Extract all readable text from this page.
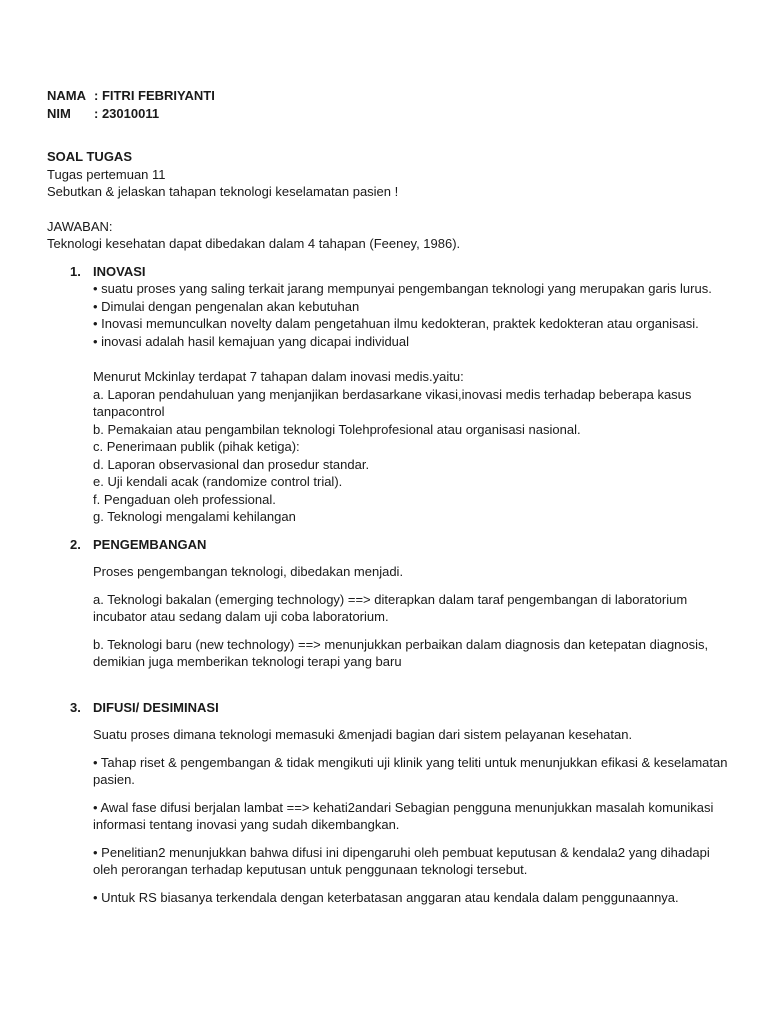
NAMA : FITRI FEBRIYANTI
NIM	: 23010011

SOAL TUGAS

Tugas pertemuan 11

Sebutkan & jelaskan tahapan teknologi keselamatan pasien !

JAWABAN:

Teknologi kesehatan dapat dibedakan dalam 4 tahapan (Feeney, 1986).

1. INOVASI

• suatu proses yang saling terkait jarang mempunyai pengembangan teknologi yang merupakan garis lurus.

• Dimulai dengan pengenalan akan kebutuhan

• Inovasi memunculkan novelty dalam pengetahuan ilmu kedokteran, praktek kedokteran atau organisasi.

• inovasi adalah hasil kemajuan yang dicapai individual

Menurut Mckinlay terdapat 7 tahapan dalam inovasi medis.yaitu:

a. Laporan pendahuluan yang menjanjikan berdasarkane vikasi,inovasi medis terhadap beberapa kasus tanpacontrol

b. Pemakaian atau pengambilan teknologi Tolehprofesional atau organisasi nasional.

c. Penerimaan publik (pihak ketiga):

d. Laporan observasional dan prosedur standar.

e. Uji kendali acak (randomize control trial).

f. Pengaduan oleh professional.

g. Teknologi mengalami kehilangan

2. PENGEMBANGAN

Proses pengembangan teknologi, dibedakan menjadi.

a. Teknologi bakalan (emerging technology) ==> diterapkan dalam taraf pengembangan di laboratorium incubator atau sedang dalam uji coba laboratorium.

b. Teknologi baru (new technology) ==> menunjukkan perbaikan dalam diagnosis dan ketepatan diagnosis, demikian juga memberikan teknologi terapi yang baru

3. DIFUSI/ DESIMINASI

Suatu proses dimana teknologi memasuki &menjadi bagian dari sistem pelayanan kesehatan.

• Tahap riset & pengembangan & tidak mengikuti uji klinik yang teliti untuk menunjukkan efikasi & keselamatan pasien.

• Awal fase difusi berjalan lambat ==> kehati2andari Sebagian pengguna menunjukkan masalah komunikasi informasi tentang inovasi yang sudah dikembangkan.

• Penelitian2 menunjukkan bahwa difusi ini dipengaruhi oleh pembuat keputusan & kendala2 yang dihadapi oleh perorangan terhadap keputusan untuk penggunaan teknologi tersebut.

• Untuk RS biasanya terkendala dengan keterbatasan anggaran atau kendala dalam penggunaannya.
